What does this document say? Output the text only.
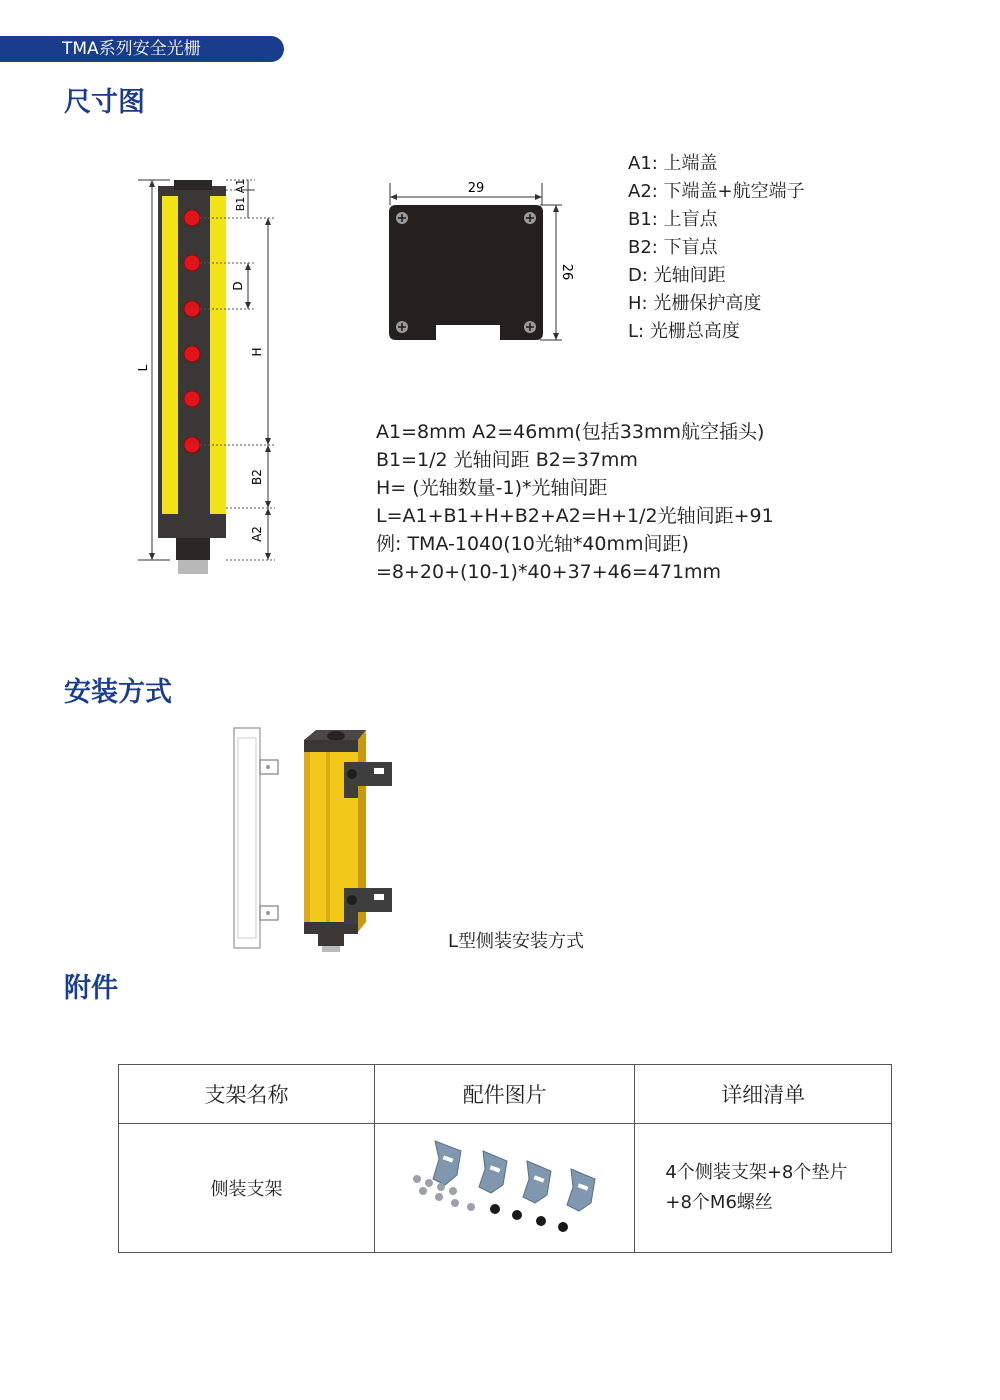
TMA系列安全光栅
尺寸图
L
A1
B1
D
H
B2
A2
29
26
A1: 上端盖
A2: 下端盖+航空端子
B1: 上盲点
B2: 下盲点
D: 光轴间距
H: 光栅保护高度
L: 光栅总高度
A1=8mm A2=46mm(包括33mm航空插头)
B1=1/2 光轴间距 B2=37mm
H= (光轴数量-1)*光轴间距
L=A1+B1+H+B2+A2=H+1/2光轴间距+91
例: TMA-1040(10光轴*40mm间距)
=8+20+(10-1)*40+37+46=471mm
安装方式
L型侧装安装方式
附件
支架名称	配件图片	详细清单
侧装支架		4个侧装支架+8个垫片
+8个M6螺丝
